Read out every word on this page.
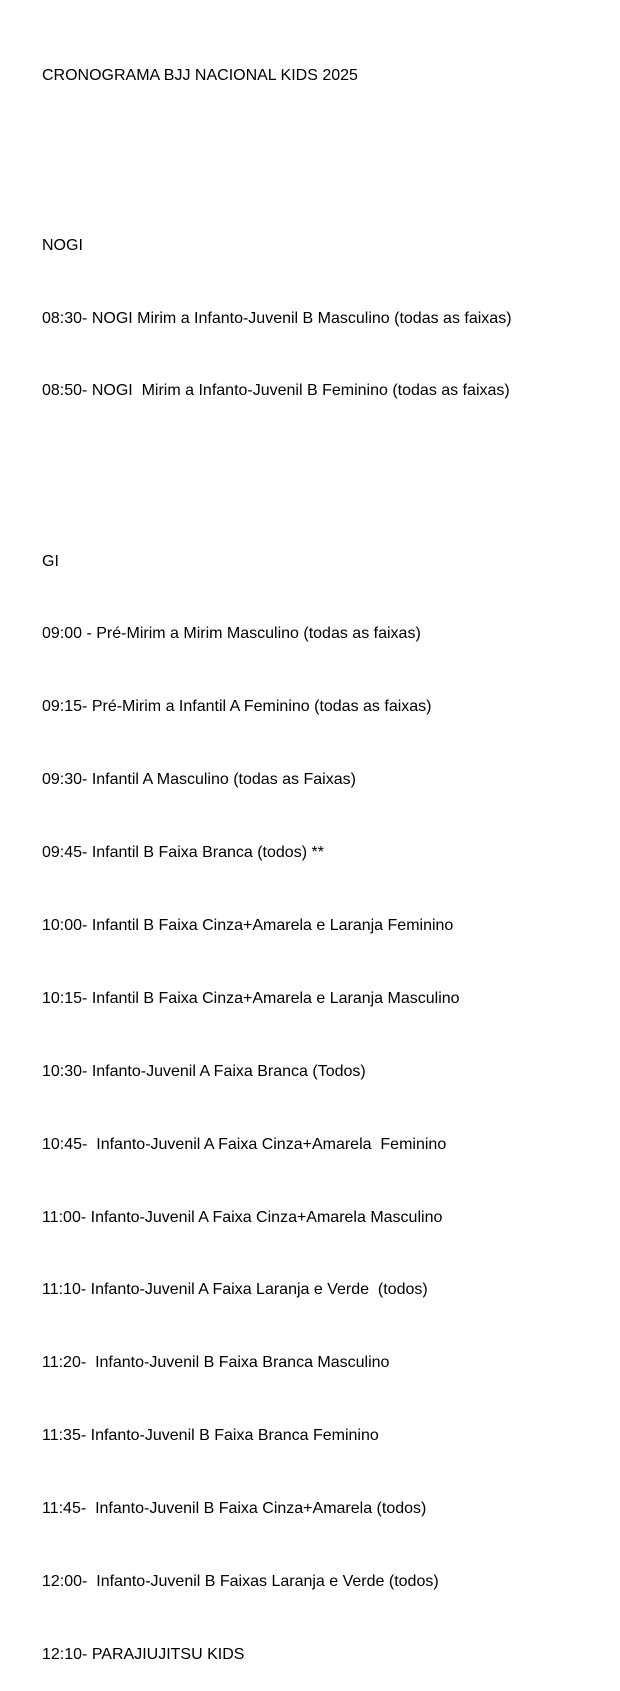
CRONOGRAMA BJJ NACIONAL KIDS 2025

NOGI

08:30- NOGI Mirim a Infanto-Juvenil B Masculino (todas as faixas)

08:50- NOGI  Mirim a Infanto-Juvenil B Feminino (todas as faixas)

GI

09:00 - Pré-Mirim a Mirim Masculino (todas as faixas)

09:15- Pré-Mirim a Infantil A Feminino (todas as faixas)

09:30- Infantil A Masculino (todas as Faixas)

09:45- Infantil B Faixa Branca (todos) **

10:00- Infantil B Faixa Cinza+Amarela e Laranja Feminino

10:15- Infantil B Faixa Cinza+Amarela e Laranja Masculino

10:30- Infanto-Juvenil A Faixa Branca (Todos)

10:45-  Infanto-Juvenil A Faixa Cinza+Amarela  Feminino

11:00- Infanto-Juvenil A Faixa Cinza+Amarela Masculino

11:10- Infanto-Juvenil A Faixa Laranja e Verde  (todos)

11:20-  Infanto-Juvenil B Faixa Branca Masculino

11:35- Infanto-Juvenil B Faixa Branca Feminino

11:45-  Infanto-Juvenil B Faixa Cinza+Amarela (todos)

12:00-  Infanto-Juvenil B Faixas Laranja e Verde (todos)

12:10- PARAJIUJITSU KIDS
